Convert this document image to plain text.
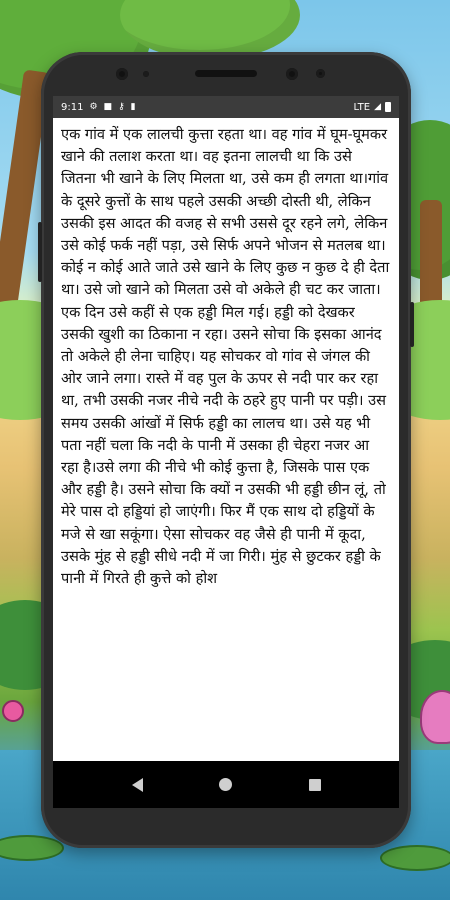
9:11 ⚙ ■ ⚷ ▮	LTE ◢

एक गांव में एक लालची कुत्ता रहता था। वह गांव में घूम-घूमकर खाने की तलाश करता था। वह इतना लालची था कि उसे जितना भी खाने के लिए मिलता था, उसे कम ही लगता था।गांव के दूसरे कुत्तों के साथ पहले उसकी अच्छी दोस्ती थी, लेकिन उसकी इस आदत की वजह से सभी उससे दूर रहने लगे, लेकिन उसे कोई फर्क नहीं पड़ा, उसे सिर्फ अपने भोजन से मतलब था। कोई न कोई आते जाते उसे खाने के लिए कुछ न कुछ दे ही देता था। उसे जो खाने को मिलता उसे वो अकेले ही चट कर जाता।एक दिन उसे कहीं से एक हड्डी मिल गई। हड्डी को देखकर उसकी खुशी का ठिकाना न रहा। उसने सोचा कि इसका आनंद तो अकेले ही लेना चाहिए। यह सोचकर वो गांव से जंगल की ओर जाने लगा। रास्ते में वह पुल के ऊपर से नदी पार कर रहा था, तभी उसकी नजर नीचे नदी के ठहरे हुए पानी पर पड़ी। उस समय उसकी आंखों में सिर्फ हड्डी का लालच था। उसे यह भी पता नहीं चला कि नदी के पानी में उसका ही चेहरा नजर आ रहा है।उसे लगा की नीचे भी कोई कुत्ता है, जिसके पास एक और हड्डी है। उसने सोचा कि क्यों न उसकी भी हड्डी छीन लूं, तो मेरे पास दो हड्डियां हो जाएंगी। फिर मैं एक साथ दो हड्डियों के मजे से खा सकूंगा। ऐसा सोचकर वह जैसे ही पानी में कूदा, उसके मुंह से हड्डी सीधे नदी में जा गिरी। मुंह से छुटकर हड्डी के पानी में गिरते ही कुत्ते को होश
